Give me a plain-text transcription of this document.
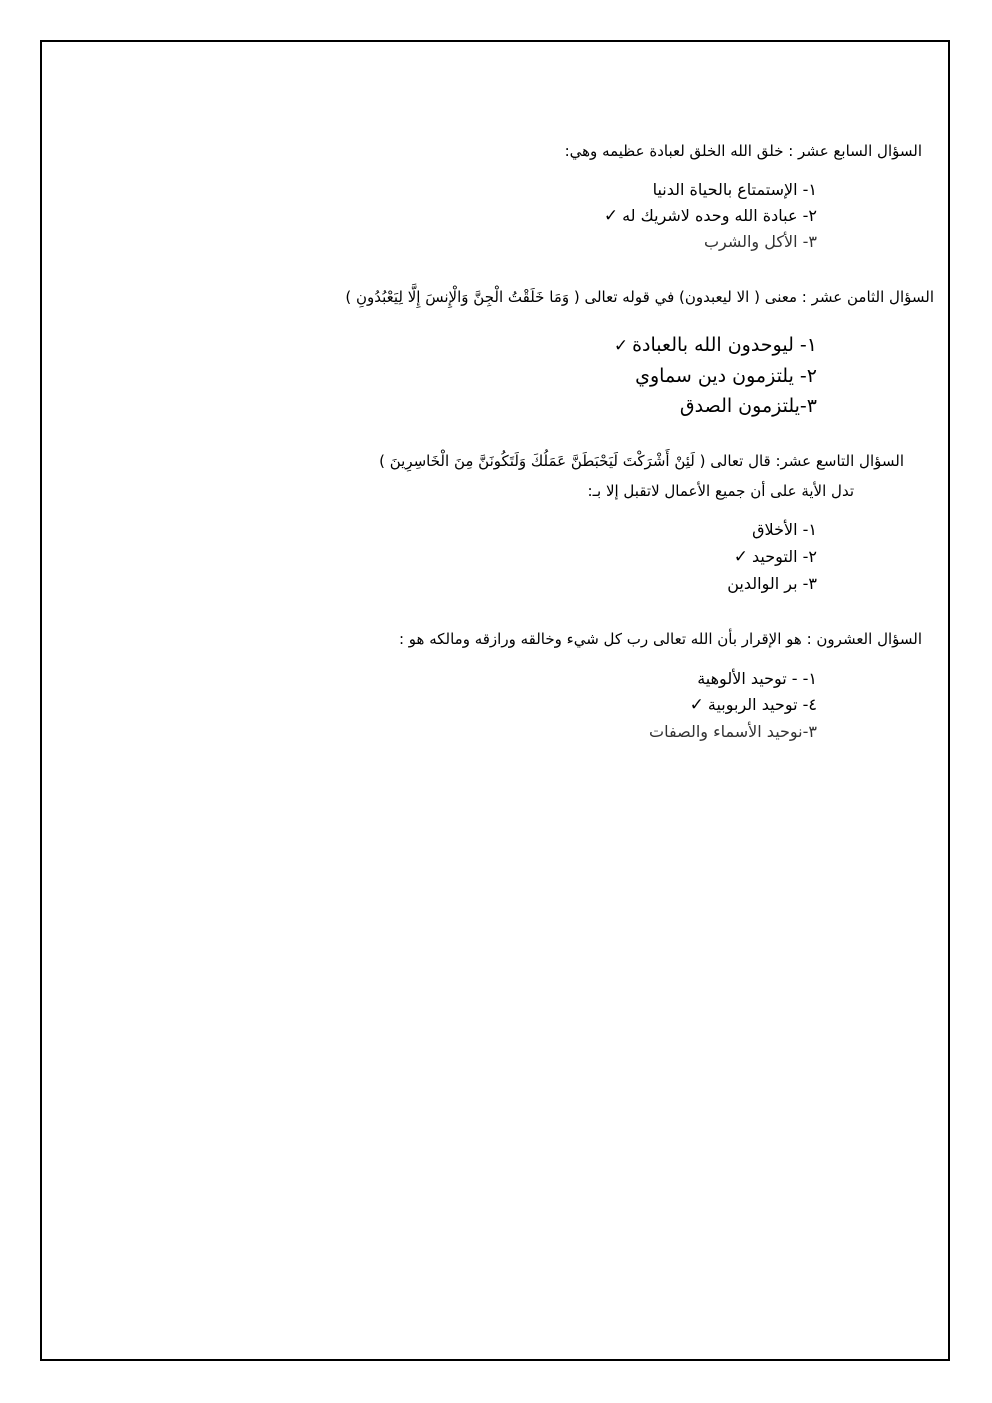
السؤال السابع عشر : خلق الله الخلق لعبادة عظيمه وهي:
١- الإستمتاع بالحياة الدنيا
٢- عبادة الله وحده لاشريك له✓
٣- الأكل والشرب
السؤال الثامن عشر : معنى ( الا ليعبدون) في قوله تعالى ( وَمَا خَلَقْتُ الْجِنَّ وَالْإِنسَ إِلَّا لِيَعْبُدُونِ )
١- ليوحدون الله بالعبادة✓
٢- يلتزمون دين سماوي
٣-يلتزمون الصدق
السؤال التاسع عشر: قال تعالى ( لَئِنْ أَشْرَكْتَ لَيَحْبَطَنَّ عَمَلُكَ وَلَتَكُونَنَّ مِنَ الْخَاسِرِينَ )
تدل الأية على أن جميع الأعمال لاتقبل إلا بـ:
١- الأخلاق
٢- التوحيد✓
٣- بر الوالدين
السؤال العشرون : هو الإقرار بأن الله تعالى رب كل شيء وخالقه ورازقه ومالكه هو :
١- - توحيد الألوهية
٤- توحيد الربوبية✓
٣-نوحيد الأسماء والصفات
